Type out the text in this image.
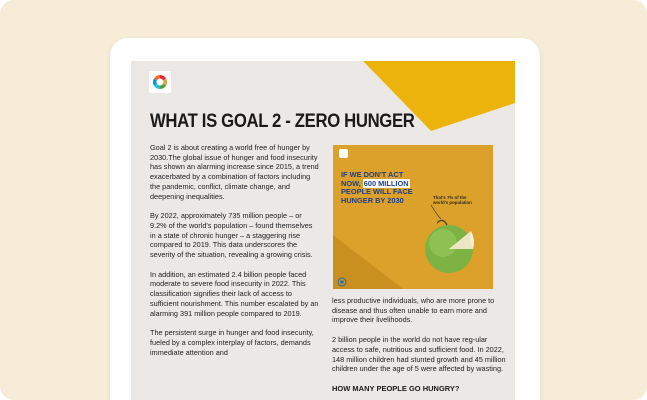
WHAT IS GOAL 2 - ZERO HUNGER

Goal 2 is about creating a world free of hunger by 2030.The global issue of hunger and food insecurity has shown an alarming increase since 2015, a trend exacerbated by a combination of factors including the pandemic, conflict, climate change, and deepening inequalities.

By 2022, approximately 735 million people – or 9.2% of the world's population – found themselves in a state of chronic hunger – a staggering rise compared to 2019. This data underscores the severity of the situation, revealing a growing crisis.

In addition, an estimated 2.4 billion people faced moderate to severe food insecurity in 2022. This classification signifies their lack of access to sufficient nourishment. This number escalated by an alarming 391 million people compared to 2019.

The persistent surge in hunger and food insecurity, fueled by a complex interplay of factors, demands immediate attention and

IF WE DON'T ACT NOW, 600 MILLION PEOPLE WILL FACE HUNGER BY 2030	That's 7% of the world's population

less productive individuals, who are more prone to disease and thus often unable to earn more and improve their livelihoods.

2 billion people in the world do not have reg-ular access to safe, nutritious and sufficient food. In 2022, 148 million children had stunted growth and 45 million children under the age of 5 were affected by wasting.

HOW MANY PEOPLE GO HUNGRY?
